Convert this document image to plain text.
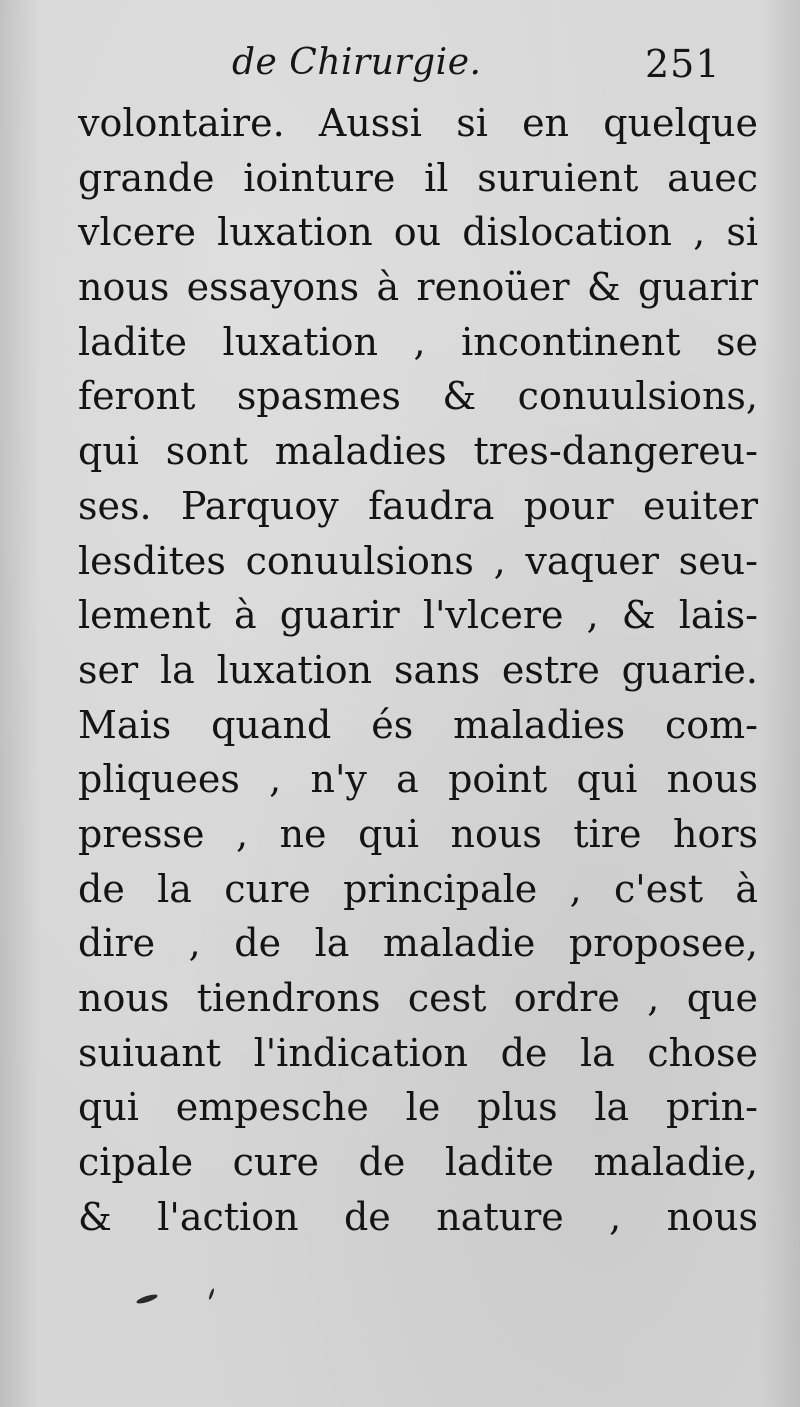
de Chirurgie.	251
volontaire. Aussi si en quelque
grande iointure il suruient auec
vlcere luxation ou dislocation , si
nous essayons à renoüer & guarir
ladite luxation , incontinent se
feront spasmes & conuulsions,
qui sont maladies tres-dangereu-
ses. Parquoy faudra pour euiter
lesdites conuulsions , vaquer seu-
lement à guarir l'vlcere , & lais-
ser la luxation sans estre guarie.
Mais quand és maladies com-
pliquees , n'y a point qui nous
presse , ne qui nous tire hors
de la cure principale , c'est à
dire , de la maladie proposee,
nous tiendrons cest ordre , que
suiuant l'indication de la chose
qui empesche le plus la prin-
cipale cure de ladite maladie,
& l'action de nature , nous
